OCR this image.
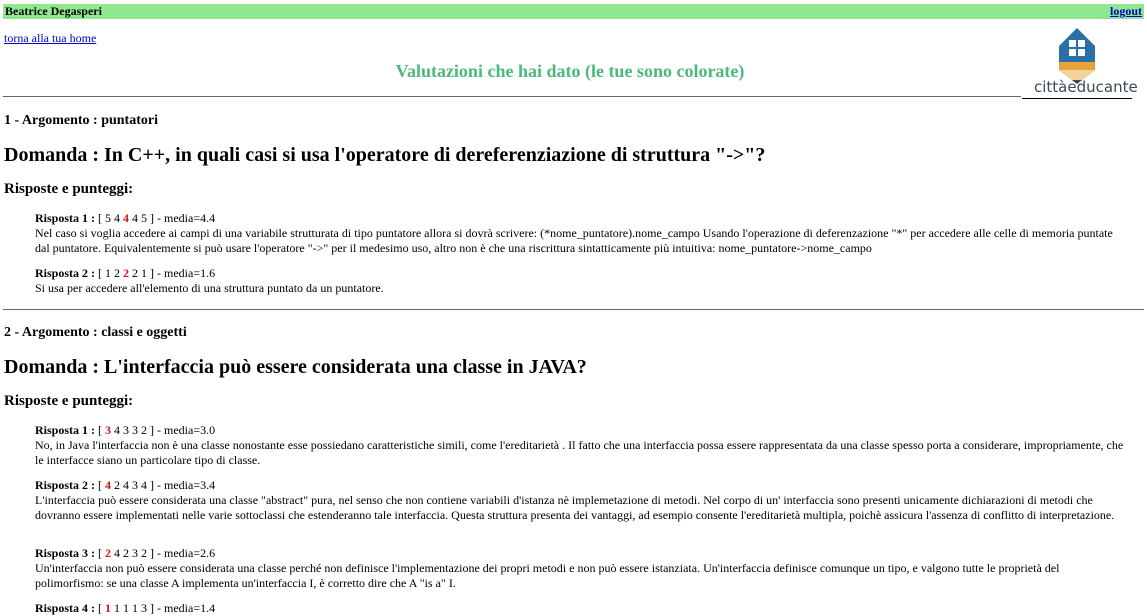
Beatrice Degasperi	logout
torna alla tua home
Valutazioni che hai dato (le tue sono colorate)
cittàeducante
1 - Argomento : puntatori
Domanda : In C++, in quali casi si usa l'operatore di dereferenziazione di struttura "->"?
Risposte e punteggi:
Risposta 1 : [ 5 4 4 4 5 ] - media=4.4
Nel caso si voglia accedere ai campi di una variabile strutturata di tipo puntatore allora si dovrà scrivere: (*nome_puntatore).nome_campo Usando l'operazione di deferenzazione "*" per accedere alle celle di memoria puntate dal puntatore. Equivalentemente si può usare l'operatore "->" per il medesimo uso, altro non è che una riscrittura sintatticamente più intuitiva: nome_puntatore->nome_campo
Risposta 2 : [ 1 2 2 2 1 ] - media=1.6
Si usa per accedere all'elemento di una struttura puntato da un puntatore.
2 - Argomento : classi e oggetti
Domanda : L'interfaccia può essere considerata una classe in JAVA?
Risposte e punteggi:
Risposta 1 : [ 3 4 3 3 2 ] - media=3.0
No, in Java l'interfaccia non è una classe nonostante esse possiedano caratteristiche simili, come l'ereditarietà . Il fatto che una interfaccia possa essere rappresentata da una classe spesso porta a considerare, impropriamente, che le interfacce siano un particolare tipo di classe.
Risposta 2 : [ 4 2 4 3 4 ] - media=3.4
L'interfaccia può essere considerata una classe "abstract" pura, nel senso che non contiene variabili d'istanza nè implemetazione di metodi. Nel corpo di un' interfaccia sono presenti unicamente dichiarazioni di metodi che dovranno essere implementati nelle varie sottoclassi che estenderanno tale interfaccia. Questa struttura presenta dei vantaggi, ad esempio consente l'ereditarietà multipla, poichè assicura l'assenza di conflitto di interpretazione.
Risposta 3 : [ 2 4 2 3 2 ] - media=2.6
Un'interfaccia non può essere considerata una classe perché non definisce l'implementazione dei propri metodi e non può essere istanziata. Un'interfaccia definisce comunque un tipo, e valgono tutte le proprietà del polimorfismo: se una classe A implementa un'interfaccia I, è corretto dire che A "is a" I.
Risposta 4 : [ 1 1 1 1 3 ] - media=1.4
